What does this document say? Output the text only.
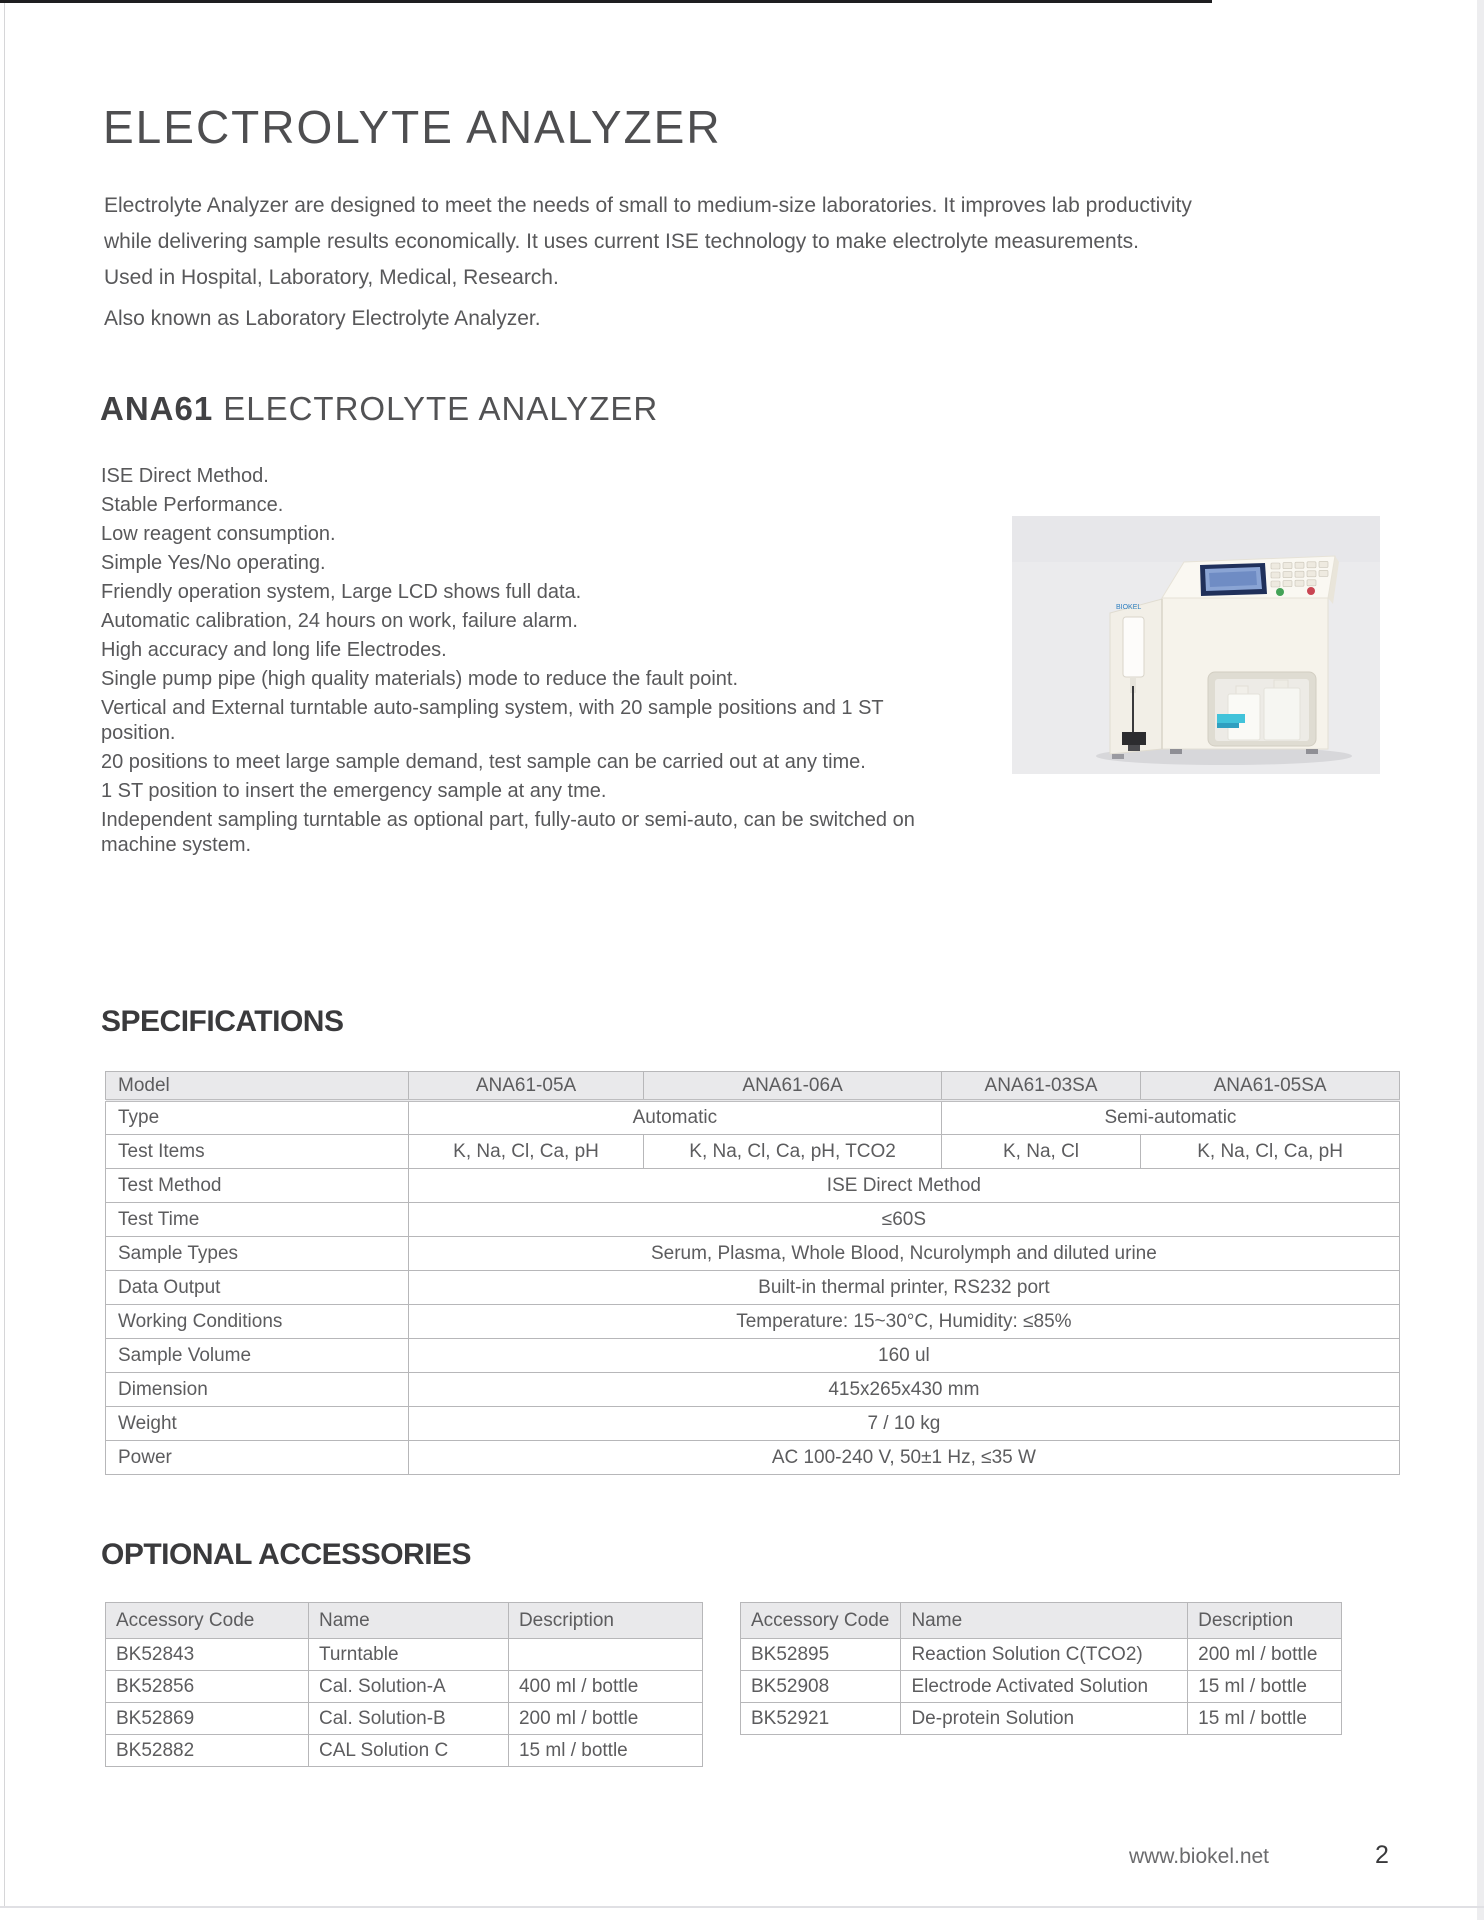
ELECTROLYTE ANALYZER
Electrolyte Analyzer are designed to meet the needs of small to medium-size laboratories. It improves lab productivity
while delivering sample results economically. It uses current ISE technology to make electrolyte measurements.
Used in Hospital, Laboratory, Medical, Research.
Also known as Laboratory Electrolyte Analyzer.
ANA61 ELECTROLYTE ANALYZER

ISE Direct Method.

Stable Performance.

Low reagent consumption.

Simple Yes/No operating.

Friendly operation system, Large LCD shows full data.

Automatic calibration, 24 hours on work, failure alarm.

High accuracy and long life Electrodes.

Single pump pipe (high quality materials) mode to reduce the fault point.

Vertical and External turntable auto-sampling system, with 20 sample positions and 1 ST position.

20 positions to meet large sample demand, test sample can be carried out at any time.

1 ST position to insert the emergency sample at any tme.

Independent sampling turntable as optional part, fully-auto or semi-auto, can be switched on machine system.

BIOKEL
SPECIFICATIONS
Model	ANA61-05A	ANA61-06A	ANA61-03SA	ANA61-05SA
Type	Automatic		Semi-automatic	
Test Items	K, Na, Cl, Ca, pH	K, Na, Cl, Ca, pH, TCO2	K, Na, Cl	K, Na, Cl, Ca, pH
Test Method	ISE Direct Method			
Test Time	≤60S			
Sample Types	Serum, Plasma, Whole Blood, Ncurolymph and diluted urine			
Data Output	Built-in thermal printer, RS232 port			
Working Conditions	Temperature: 15~30°C, Humidity: ≤85%			
Sample Volume	160 ul			
Dimension	415x265x430 mm			
Weight	7 / 10 kg			
Power	AC 100-240 V, 50±1 Hz, ≤35 W			
OPTIONAL ACCESSORIES
Accessory Code	Name	Description
BK52843	Turntable	
BK52856	Cal. Solution-A	400 ml / bottle
BK52869	Cal. Solution-B	200 ml / bottle
BK52882	CAL Solution C	15 ml / bottle
Accessory Code	Name	Description
BK52895	Reaction Solution C(TCO2)	200 ml / bottle
BK52908	Electrode Activated Solution	15 ml / bottle
BK52921	De-protein Solution	15 ml / bottle
www.biokel.net	2
